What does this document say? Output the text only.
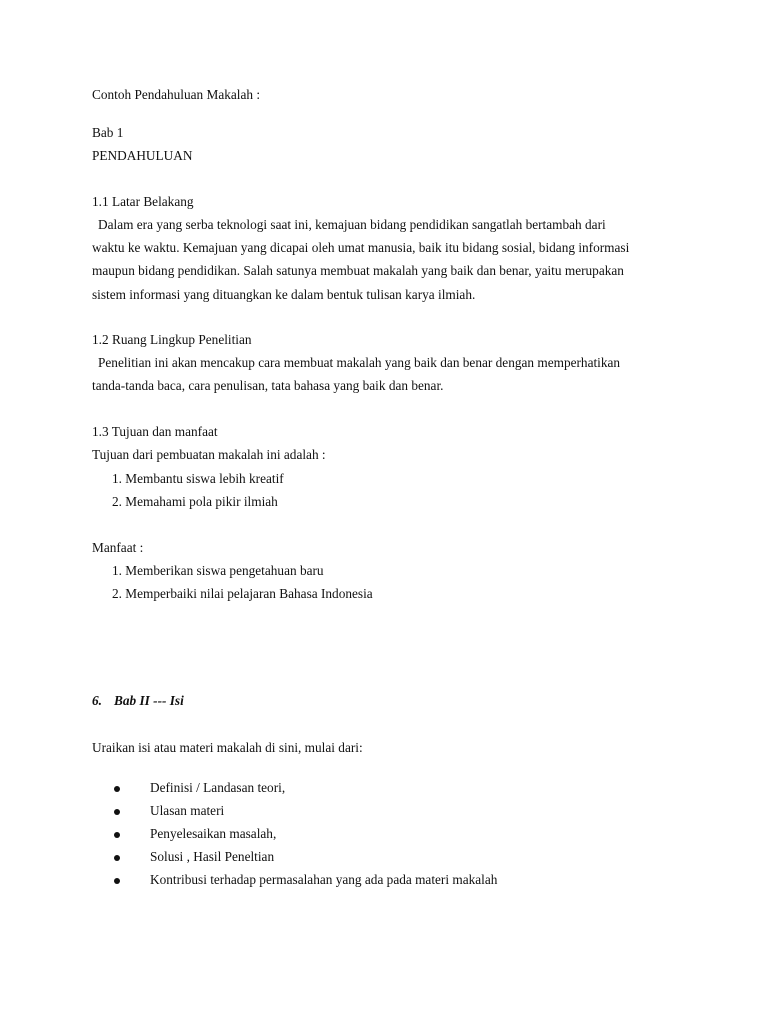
Contoh Pendahuluan Makalah :
Bab 1
PENDAHULUAN
1.1 Latar Belakang
Dalam era yang serba teknologi saat ini, kemajuan bidang pendidikan sangatlah bertambah dari
waktu ke waktu. Kemajuan yang dicapai oleh umat manusia, baik itu bidang sosial, bidang informasi
maupun bidang pendidikan. Salah satunya membuat makalah yang baik dan benar, yaitu merupakan
sistem informasi yang dituangkan ke dalam bentuk tulisan karya ilmiah.
1.2 Ruang Lingkup Penelitian
Penelitian ini akan mencakup cara membuat makalah yang baik dan benar dengan memperhatikan
tanda-tanda baca, cara penulisan, tata bahasa yang baik dan benar.
1.3 Tujuan dan manfaat
Tujuan dari pembuatan makalah ini adalah :
1. Membantu siswa lebih kreatif
2. Memahami pola pikir ilmiah
Manfaat :
1. Memberikan siswa pengetahuan baru
2. Memperbaiki nilai pelajaran Bahasa Indonesia
6. Bab II --- Isi
Uraikan isi atau materi makalah di sini, mulai dari:
Definisi / Landasan teori,
Ulasan materi
Penyelesaikan masalah,
Solusi , Hasil Peneltian
Kontribusi terhadap permasalahan yang ada pada materi makalah
